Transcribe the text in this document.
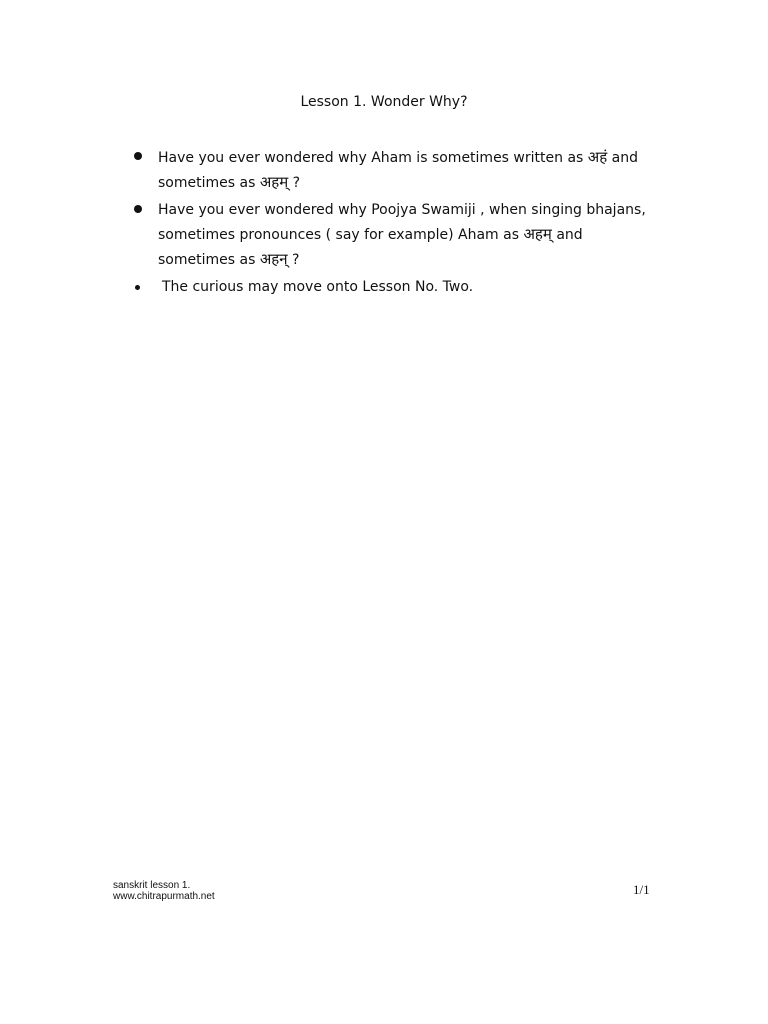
Lesson 1. Wonder Why?
Have you ever wondered why Aham is sometimes written as अहं and sometimes as अहम् ?
Have you ever wondered why Poojya Swamiji , when singing bhajans, sometimes pronounces ( say for example) Aham as अहम् and sometimes as अहन् ?
The curious may move onto Lesson No. Two.
sanskrit lesson 1.
www.chitrapurmath.net	1/1
